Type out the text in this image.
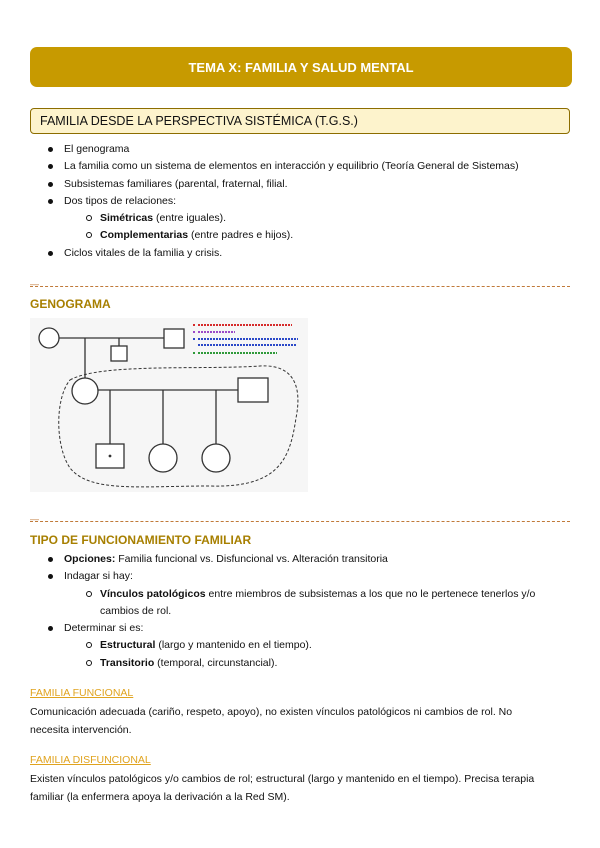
TEMA X: FAMILIA Y SALUD MENTAL
FAMILIA DESDE LA PERSPECTIVA SISTÉMICA (T.G.S.)
El genograma
La familia como un sistema de elementos en interacción y equilibrio (Teoría General de Sistemas)
Subsistemas familiares (parental, fraternal, filial.
Dos tipos de relaciones:
Simétricas (entre iguales).
Complementarias (entre padres e hijos).
Ciclos vitales de la familia y crisis.
—
GENOGRAMA
—
TIPO DE FUNCIONAMIENTO FAMILIAR
Opciones: Familia funcional vs. Disfuncional vs. Alteración transitoria
Indagar si hay:
Vínculos patológicos entre miembros de subsistemas a los que no le pertenece tenerlos y/o
cambios de rol.
Determinar si es:
Estructural (largo y mantenido en el tiempo).
Transitorio (temporal, circunstancial).
FAMILIA FUNCIONAL
Comunicación adecuada (cariño, respeto, apoyo), no existen vínculos patológicos ni cambios de rol. No
necesita intervención.
FAMILIA DISFUNCIONAL
Existen vínculos patológicos y/o cambios de rol; estructural (largo y mantenido en el tiempo). Precisa terapia
familiar (la enfermera apoya la derivación a la Red SM).
